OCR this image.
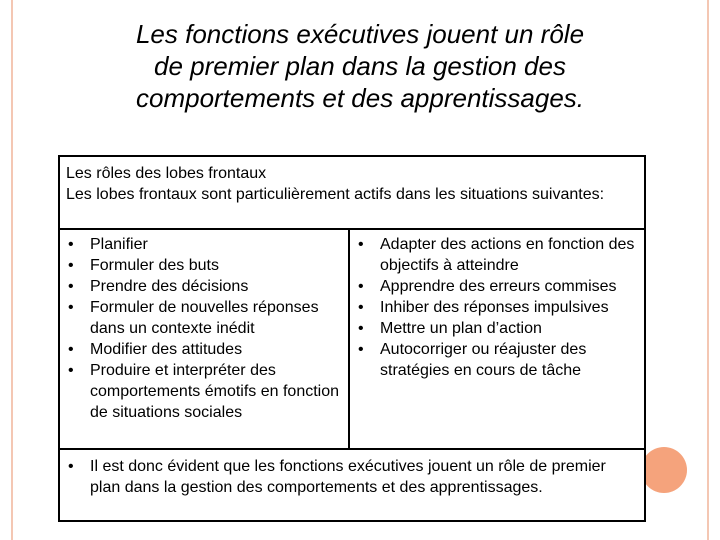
Les fonctions exécutives jouent un rôle
de premier plan dans la gestion des
comportements et des apprentissages.
Les rôles des lobes frontaux
Les lobes frontaux sont particulièrement actifs dans les situations suivantes:
• Planifier
• Formuler des buts
• Prendre des décisions
• Formuler de nouvelles réponses dans un contexte inédit
• Modifier des attitudes
• Produire et interpréter des comportements émotifs en fonction de situations sociales
• Adapter des actions en fonction des objectifs à atteindre
• Apprendre des erreurs commises
• Inhiber des réponses impulsives
• Mettre un plan d’action
• Autocorriger ou réajuster des stratégies en cours de tâche
• Il est donc évident que les fonctions exécutives jouent un rôle de premier plan dans la gestion des comportements et des apprentissages.
